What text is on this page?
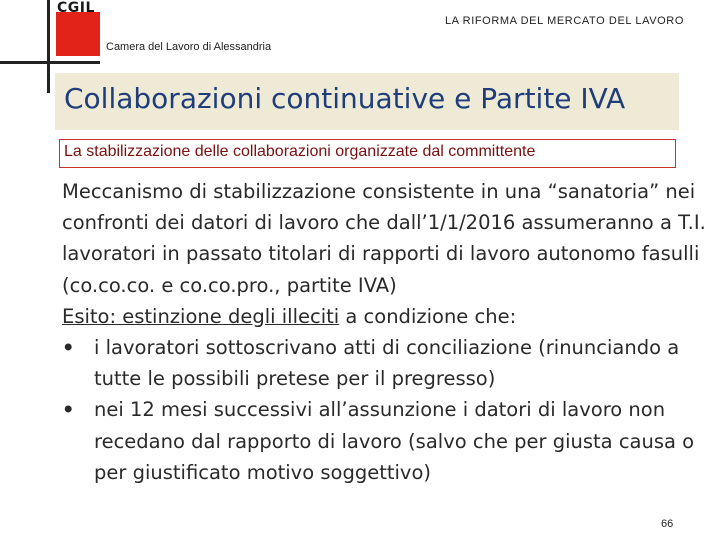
CGIL
LA RIFORMA DEL MERCATO DEL LAVORO
Camera del Lavoro di Alessandria
Collaborazioni continuative e Partite IVA
La stabilizzazione delle collaborazioni organizzate dal committente

Meccanismo di stabilizzazione consistente in una “sanatoria” nei confronti dei datori di lavoro che dall’1/1/2016 assumeranno a T.I. lavoratori in passato titolari di rapporti di lavoro autonomo fasulli (co.co.co. e co.co.pro., partite IVA)

Esito: estinzione degli illeciti a condizione che:

• i lavoratori sottoscrivano atti di conciliazione (rinunciando a tutte le possibili pretese per il pregresso)
• nei 12 mesi successivi all’assunzione i datori di lavoro non recedano dal rapporto di lavoro (salvo che per giusta causa o per giustificato motivo soggettivo)
66
